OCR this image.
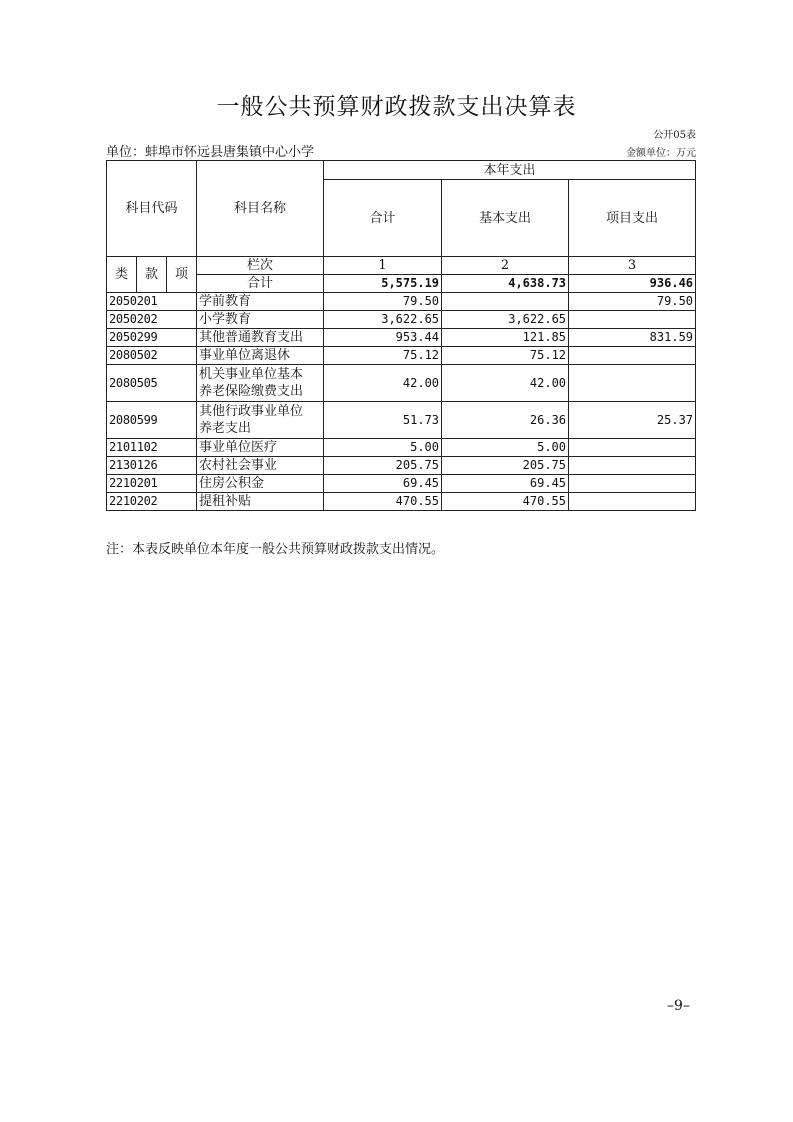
一般公共预算财政拨款支出决算表
公开05表
单位：蚌埠市怀远县唐集镇中心小学	金额单位：万元
科目代码			科目名称	本年支出		
				合计	基本支出	项目支出
类	款	项	栏次	1	2	3
			合计	5,575.19	4,638.73	936.46
2050201			学前教育	79.50		79.50
2050202			小学教育	3,622.65	3,622.65	
2050299			其他普通教育支出	953.44	121.85	831.59
2080502			事业单位离退休	75.12	75.12	
2080505			机关事业单位基本
养老保险缴费支出	42.00	42.00	
2080599			其他行政事业单位
养老支出	51.73	26.36	25.37
2101102			事业单位医疗	5.00	5.00	
2130126			农村社会事业	205.75	205.75	
2210201			住房公积金	69.45	69.45	
2210202			提租补贴	470.55	470.55	
注：本表反映单位本年度一般公共预算财政拨款支出情况。
–9–
